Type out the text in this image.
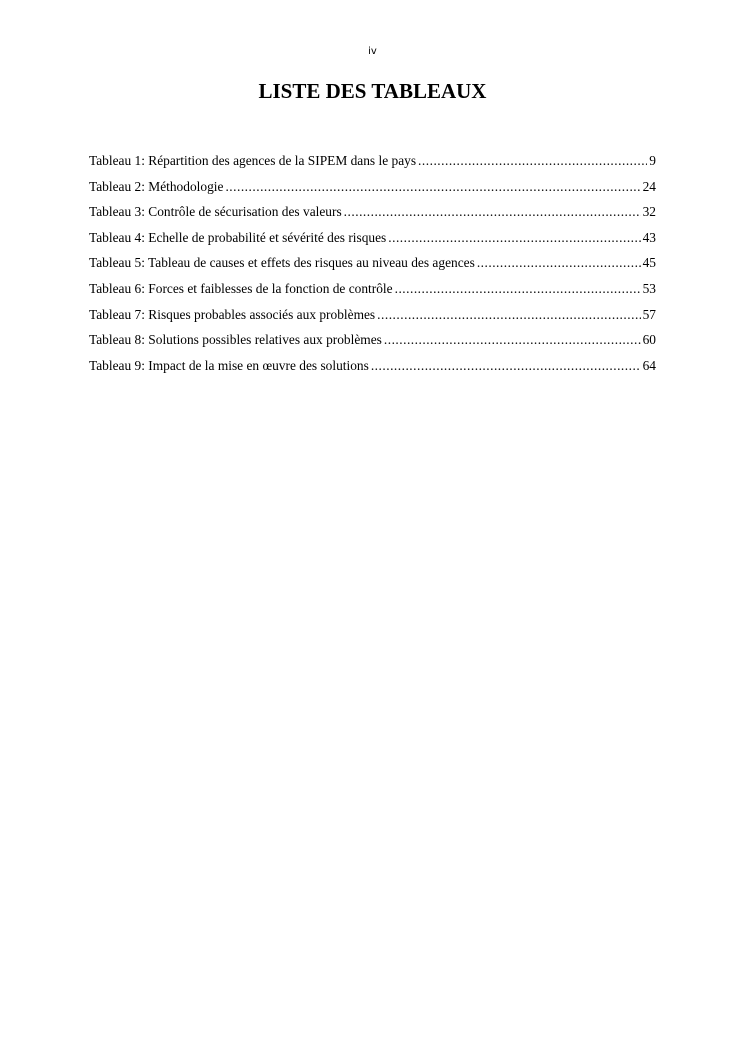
iv
LISTE DES TABLEAUX
Tableau 1: Répartition des agences de la SIPEM dans le pays .....	9
Tableau 2: Méthodologie .....	24
Tableau 3: Contrôle de sécurisation des valeurs .....	32
Tableau 4: Echelle de probabilité et sévérité des risques .....	43
Tableau 5: Tableau de causes et effets des risques au niveau des agences .....	45
Tableau 6: Forces et faiblesses de la fonction de contrôle .....	53
Tableau 7: Risques probables associés aux problèmes .....	57
Tableau 8: Solutions possibles relatives aux problèmes .....	60
Tableau 9: Impact de la mise en œuvre des solutions .....	64
